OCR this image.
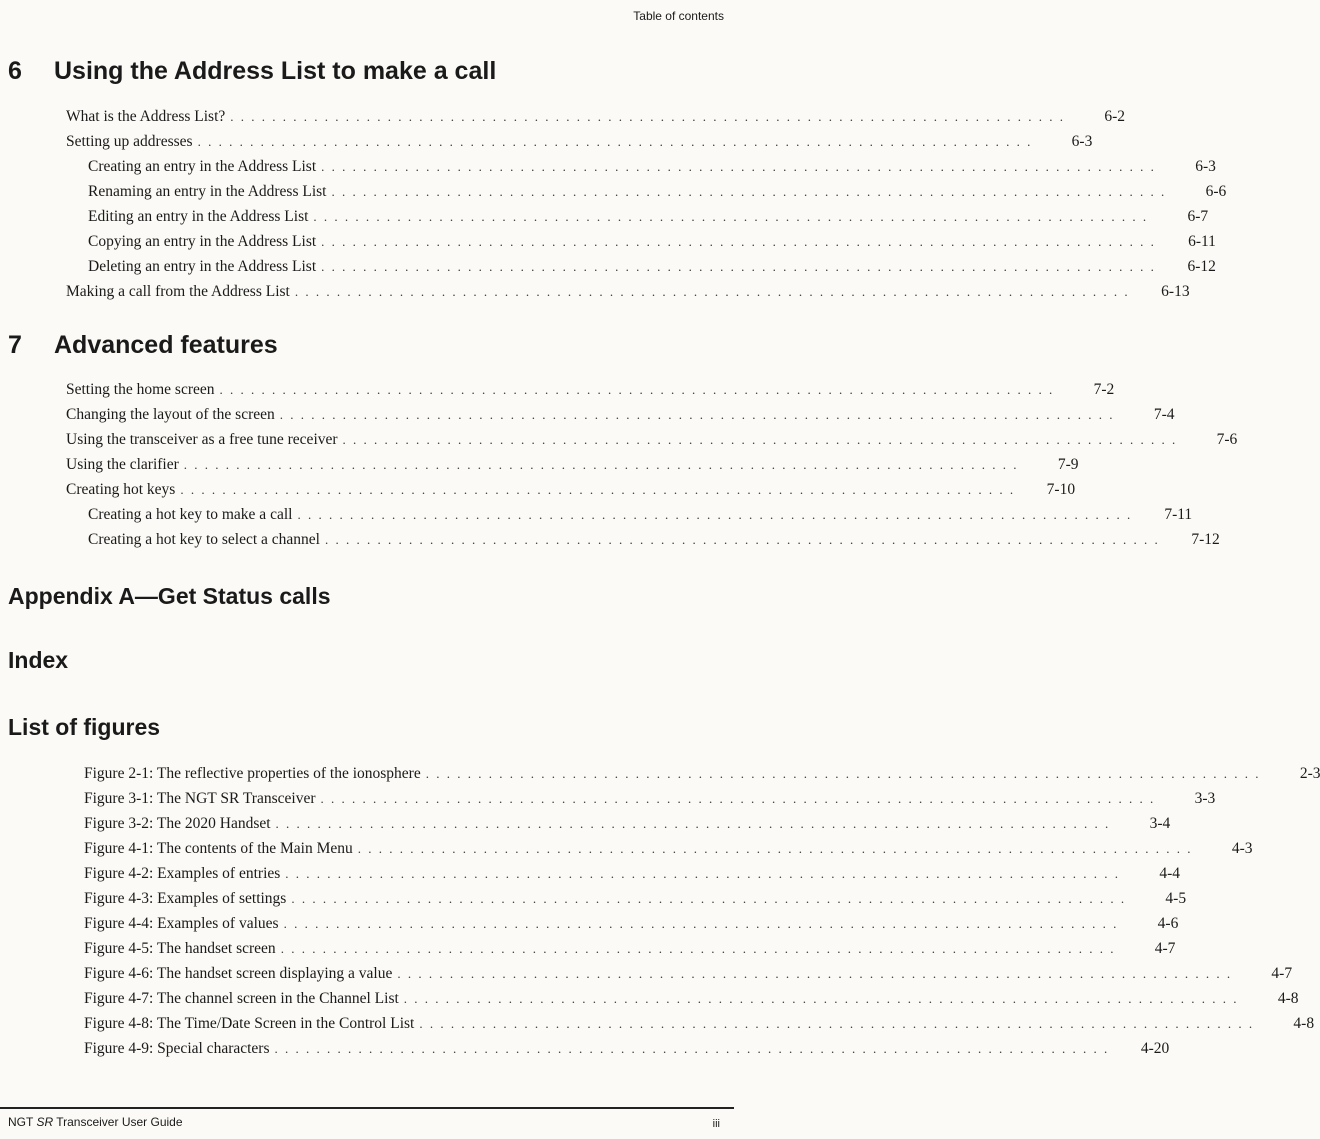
Table of contents
6 Using the Address List to make a call
What is the Address List? . . . . . . . . . . . . . . . . . . . . . . . . . . . . . . . . . . . . . . . . . . . . . . . . . . . . . . . . . . . . . . . . . . . . . . . . . . . . . . . .	6-2
Setting up addresses . . . . . . . . . . . . . . . . . . . . . . . . . . . . . . . . . . . . . . . . . . . . . . . . . . . . . . . . . . . . . . . . . . . . . . . . . . . . . . . .	6-3
Creating an entry in the Address List . . . . . . . . . . . . . . . . . . . . . . . . . . . . . . . . . . . . . . . . . . . . . . . . . . . . . . . . . . . . . . . . . . . . . . . . . . . . . . . .	6-3
Renaming an entry in the Address List . . . . . . . . . . . . . . . . . . . . . . . . . . . . . . . . . . . . . . . . . . . . . . . . . . . . . . . . . . . . . . . . . . . . . . . . . . . . . . . .	6-6
Editing an entry in the Address List . . . . . . . . . . . . . . . . . . . . . . . . . . . . . . . . . . . . . . . . . . . . . . . . . . . . . . . . . . . . . . . . . . . . . . . . . . . . . . . .	6-7
Copying an entry in the Address List . . . . . . . . . . . . . . . . . . . . . . . . . . . . . . . . . . . . . . . . . . . . . . . . . . . . . . . . . . . . . . . . . . . . . . . . . . . . . . . .	6-11
Deleting an entry in the Address List . . . . . . . . . . . . . . . . . . . . . . . . . . . . . . . . . . . . . . . . . . . . . . . . . . . . . . . . . . . . . . . . . . . . . . . . . . . . . . . .	6-12
Making a call from the Address List . . . . . . . . . . . . . . . . . . . . . . . . . . . . . . . . . . . . . . . . . . . . . . . . . . . . . . . . . . . . . . . . . . . . . . . . . . . . . . . .	6-13
7 Advanced features
Setting the home screen . . . . . . . . . . . . . . . . . . . . . . . . . . . . . . . . . . . . . . . . . . . . . . . . . . . . . . . . . . . . . . . . . . . . . . . . . . . . . . . .	7-2
Changing the layout of the screen . . . . . . . . . . . . . . . . . . . . . . . . . . . . . . . . . . . . . . . . . . . . . . . . . . . . . . . . . . . . . . . . . . . . . . . . . . . . . . . .	7-4
Using the transceiver as a free tune receiver . . . . . . . . . . . . . . . . . . . . . . . . . . . . . . . . . . . . . . . . . . . . . . . . . . . . . . . . . . . . . . . . . . . . . . . . . . . . . . . .	7-6
Using the clarifier . . . . . . . . . . . . . . . . . . . . . . . . . . . . . . . . . . . . . . . . . . . . . . . . . . . . . . . . . . . . . . . . . . . . . . . . . . . . . . . .	7-9
Creating hot keys . . . . . . . . . . . . . . . . . . . . . . . . . . . . . . . . . . . . . . . . . . . . . . . . . . . . . . . . . . . . . . . . . . . . . . . . . . . . . . . .	7-10
Creating a hot key to make a call . . . . . . . . . . . . . . . . . . . . . . . . . . . . . . . . . . . . . . . . . . . . . . . . . . . . . . . . . . . . . . . . . . . . . . . . . . . . . . . .	7-11
Creating a hot key to select a channel . . . . . . . . . . . . . . . . . . . . . . . . . . . . . . . . . . . . . . . . . . . . . . . . . . . . . . . . . . . . . . . . . . . . . . . . . . . . . . . .	7-12
Appendix A—Get Status calls
Index
List of figures
Figure 2-1: The reflective properties of the ionosphere . . . . . . . . . . . . . . . . . . . . . . . . . . . . . . . . . . . . . . . . . . . . . . . . . . . . . . . . . . . . . . . . . . . . . . . . . . . . . . . .	2-3
Figure 3-1: The NGT SR Transceiver . . . . . . . . . . . . . . . . . . . . . . . . . . . . . . . . . . . . . . . . . . . . . . . . . . . . . . . . . . . . . . . . . . . . . . . . . . . . . . . .	3-3
Figure 3-2: The 2020 Handset . . . . . . . . . . . . . . . . . . . . . . . . . . . . . . . . . . . . . . . . . . . . . . . . . . . . . . . . . . . . . . . . . . . . . . . . . . . . . . . .	3-4
Figure 4-1: The contents of the Main Menu . . . . . . . . . . . . . . . . . . . . . . . . . . . . . . . . . . . . . . . . . . . . . . . . . . . . . . . . . . . . . . . . . . . . . . . . . . . . . . . .	4-3
Figure 4-2: Examples of entries . . . . . . . . . . . . . . . . . . . . . . . . . . . . . . . . . . . . . . . . . . . . . . . . . . . . . . . . . . . . . . . . . . . . . . . . . . . . . . . .	4-4
Figure 4-3: Examples of settings . . . . . . . . . . . . . . . . . . . . . . . . . . . . . . . . . . . . . . . . . . . . . . . . . . . . . . . . . . . . . . . . . . . . . . . . . . . . . . . .	4-5
Figure 4-4: Examples of values . . . . . . . . . . . . . . . . . . . . . . . . . . . . . . . . . . . . . . . . . . . . . . . . . . . . . . . . . . . . . . . . . . . . . . . . . . . . . . . .	4-6
Figure 4-5: The handset screen . . . . . . . . . . . . . . . . . . . . . . . . . . . . . . . . . . . . . . . . . . . . . . . . . . . . . . . . . . . . . . . . . . . . . . . . . . . . . . . .	4-7
Figure 4-6: The handset screen displaying a value . . . . . . . . . . . . . . . . . . . . . . . . . . . . . . . . . . . . . . . . . . . . . . . . . . . . . . . . . . . . . . . . . . . . . . . . . . . . . . . .	4-7
Figure 4-7: The channel screen in the Channel List . . . . . . . . . . . . . . . . . . . . . . . . . . . . . . . . . . . . . . . . . . . . . . . . . . . . . . . . . . . . . . . . . . . . . . . . . . . . . . . .	4-8
Figure 4-8: The Time/Date Screen in the Control List . . . . . . . . . . . . . . . . . . . . . . . . . . . . . . . . . . . . . . . . . . . . . . . . . . . . . . . . . . . . . . . . . . . . . . . . . . . . . . . .	4-8
Figure 4-9: Special characters . . . . . . . . . . . . . . . . . . . . . . . . . . . . . . . . . . . . . . . . . . . . . . . . . . . . . . . . . . . . . . . . . . . . . . . . . . . . . . . .	4-20
NGT SR Transceiver User Guide	iii
